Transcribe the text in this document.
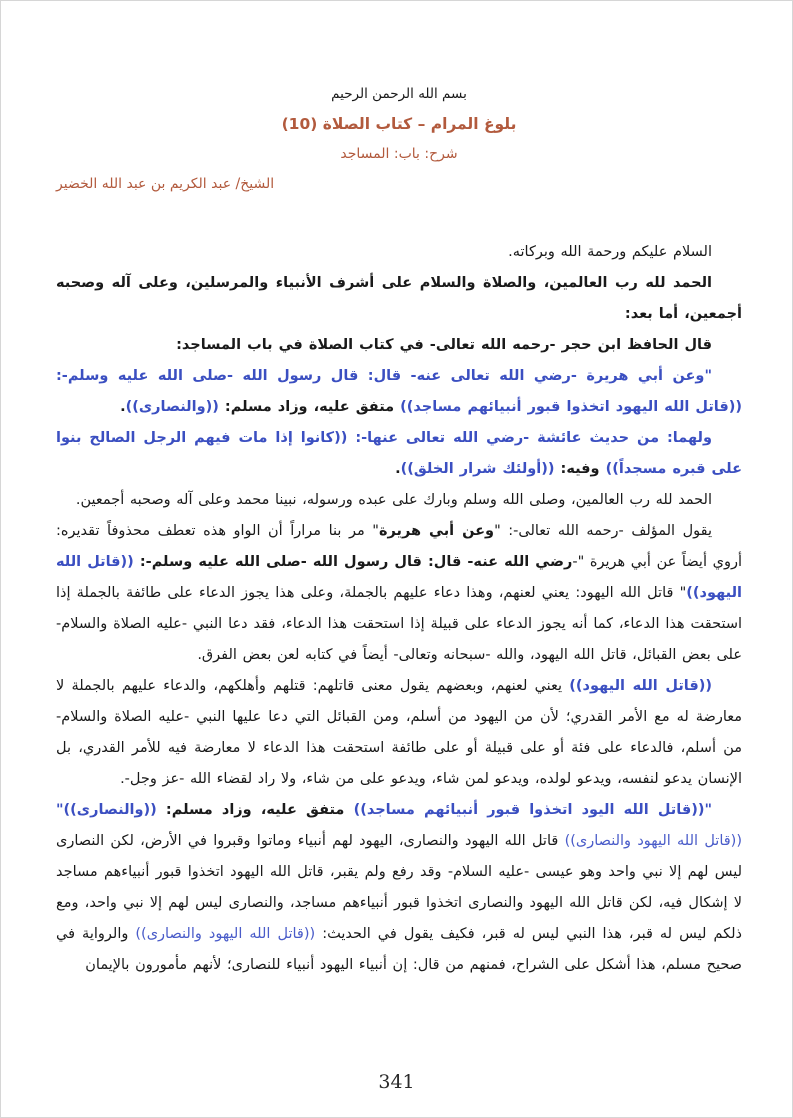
بسم الله الرحمن الرحيم
بلوغ المرام – كتاب الصلاة (10)
شرح: باب: المساجد
الشيخ/ عبد الكريم بن عبد الله الخضير

السلام عليكم ورحمة الله وبركاته.

الحمد لله رب العالمين، والصلاة والسلام على أشرف الأنبياء والمرسلين، وعلى آله وصحبه أجمعين، أما بعد:

قال الحافظ ابن حجر -رحمه الله تعالى- في كتاب الصلاة في باب المساجد:

"وعن أبي هريرة -رضي الله تعالى عنه- قال: قال رسول الله -صلى الله عليه وسلم-: ((قاتل الله اليهود اتخذوا قبور أنبيائهم مساجد)) متفق عليه، وزاد مسلم: ((والنصارى)).

ولهما: من حديث عائشة -رضي الله تعالى عنها-: ((كانوا إذا مات فيهم الرجل الصالح بنوا على قبره مسجداً)) وفيه: ((أولئك شرار الخلق)).

الحمد لله رب العالمين، وصلى الله وسلم وبارك على عبده ورسوله، نبينا محمد وعلى آله وصحبه أجمعين.

يقول المؤلف -رحمه الله تعالى-: "وعن أبي هريرة" مر بنا مراراً أن الواو هذه تعطف محذوفاً تقديره: أروي أيضاً عن أبي هريرة "-رضي الله عنه- قال: قال رسول الله -صلى الله عليه وسلم-: ((قاتل الله اليهود))" قاتل الله اليهود: يعني لعنهم، وهذا دعاء عليهم بالجملة، وعلى هذا يجوز الدعاء على طائفة بالجملة إذا استحقت هذا الدعاء، كما أنه يجوز الدعاء على قبيلة إذا استحقت هذا الدعاء، فقد دعا النبي -عليه الصلاة والسلام- على بعض القبائل، قاتل الله اليهود، والله -سبحانه وتعالى- أيضاً في كتابه لعن بعض الفرق.

((قاتل الله اليهود)) يعني لعنهم، وبعضهم يقول معنى قاتلهم: قتلهم وأهلكهم، والدعاء عليهم بالجملة لا معارضة له مع الأمر القدري؛ لأن من اليهود من أسلم، ومن القبائل التي دعا عليها النبي -عليه الصلاة والسلام- من أسلم، فالدعاء على فئة أو على قبيلة أو على طائفة استحقت هذا الدعاء لا معارضة فيه للأمر القدري، بل الإنسان يدعو لنفسه، ويدعو لولده، ويدعو لمن شاء، ويدعو على من شاء، ولا راد لقضاء الله -عز وجل-.

"((قاتل الله اليود اتخذوا قبور أنبيائهم مساجد)) متفق عليه، وزاد مسلم: ((والنصارى))" ((قاتل الله اليهود والنصارى)) قاتل الله اليهود والنصارى، اليهود لهم أنبياء وماتوا وقبروا في الأرض، لكن النصارى ليس لهم إلا نبي واحد وهو عيسى -عليه السلام- وقد رفع ولم يقبر، قاتل الله اليهود اتخذوا قبور أنبياءهم مساجد لا إشكال فيه، لكن قاتل الله اليهود والنصارى اتخذوا قبور أنبياءهم مساجد، والنصارى ليس لهم إلا نبي واحد، ومع ذلكم ليس له قبر، هذا النبي ليس له قبر، فكيف يقول في الحديث: ((قاتل الله اليهود والنصارى)) والرواية في صحيح مسلم، هذا أشكل على الشراح، فمنهم من قال: إن أنبياء اليهود أنبياء للنصارى؛ لأنهم مأمورون بالإيمان

341
